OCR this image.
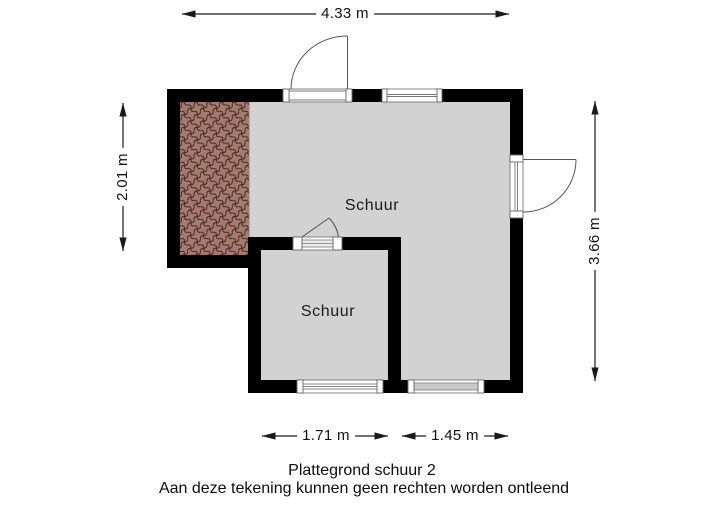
4.33 m
2.01 m
3.66 m
1.71 m	1.45 m
Schuur
Schuur
Plattegrond schuur 2
Aan deze tekening kunnen geen rechten worden ontleend
